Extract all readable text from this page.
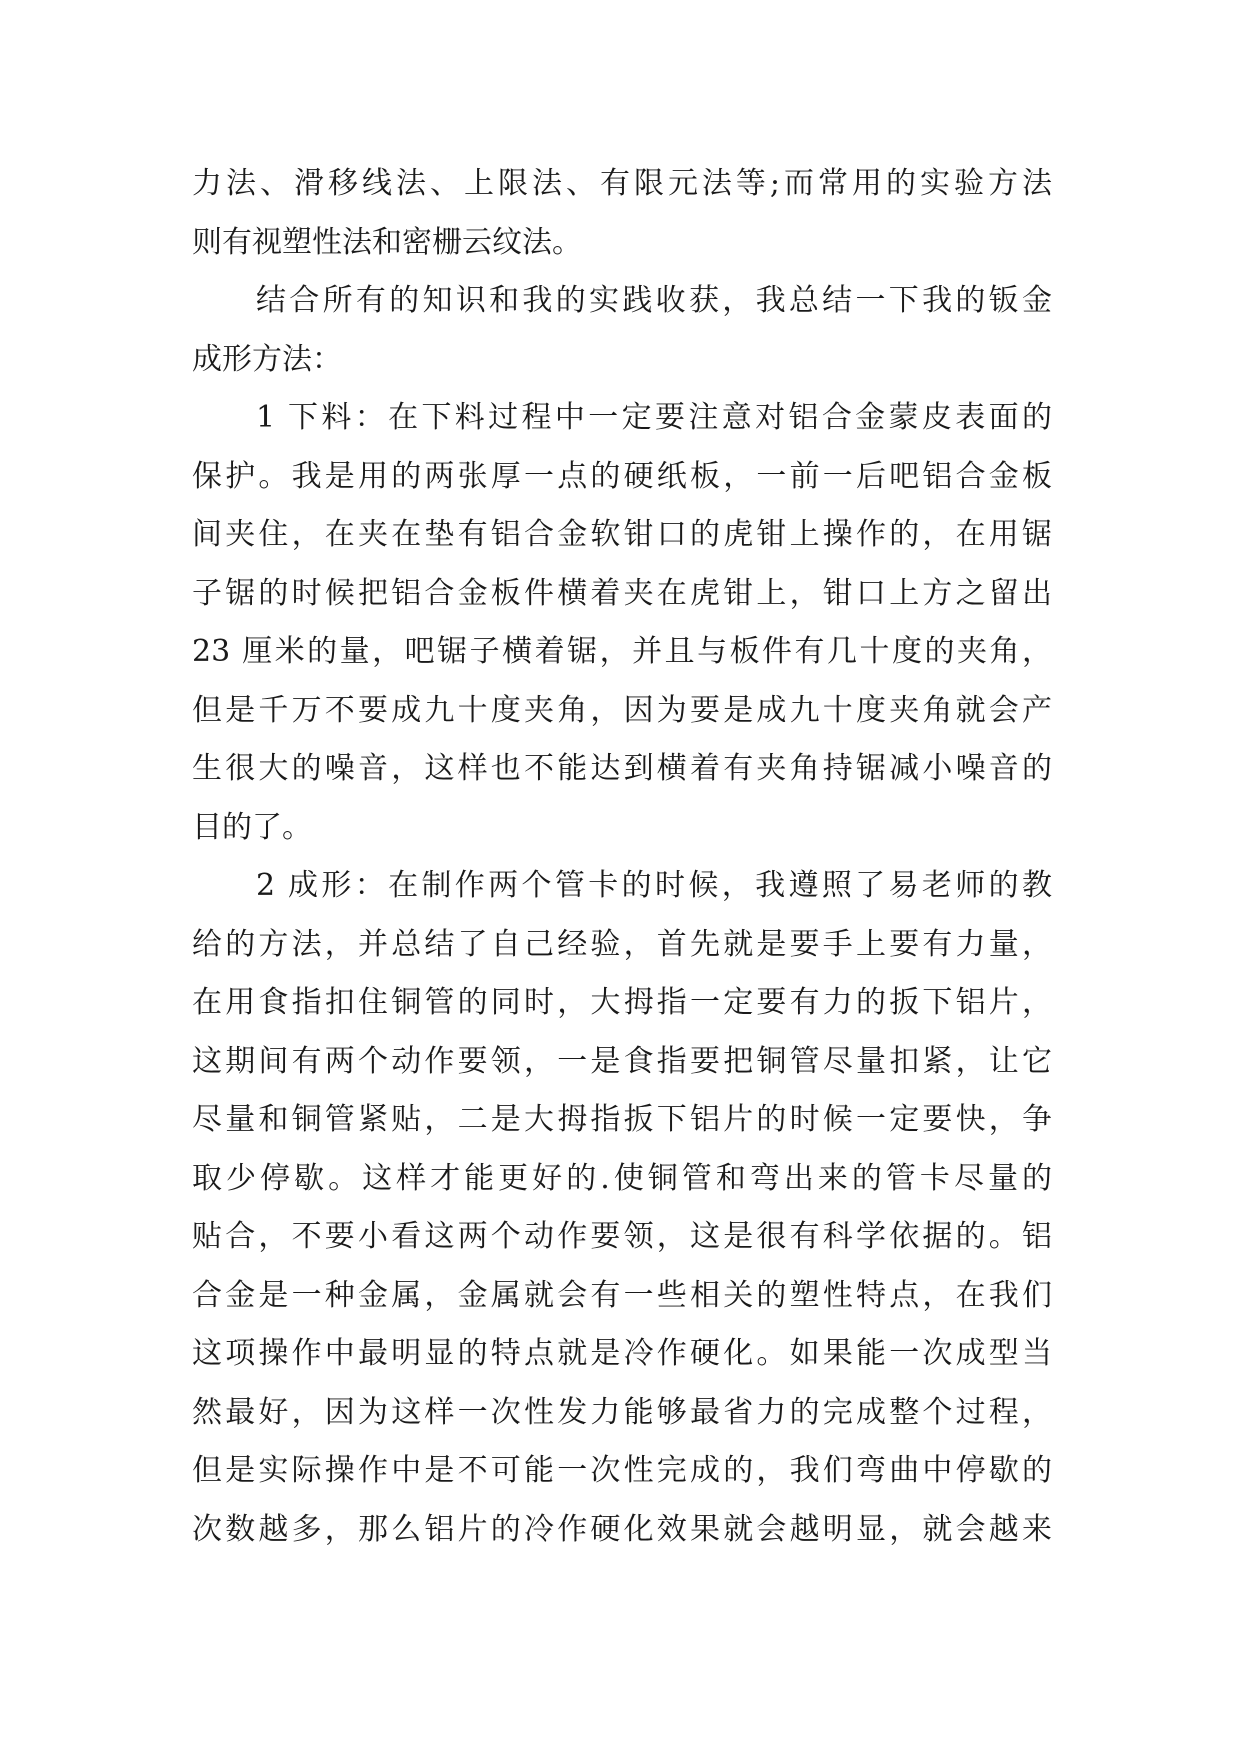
力法、滑移线法、上限法、有限元法等;而常用的实验方法
则有视塑性法和密栅云纹法。
结合所有的知识和我的实践收获，我总结一下我的钣金
成形方法：
1 下料：在下料过程中一定要注意对铝合金蒙皮表面的
保护。我是用的两张厚一点的硬纸板，一前一后吧铝合金板
间夹住，在夹在垫有铝合金软钳口的虎钳上操作的，在用锯
子锯的时候把铝合金板件横着夹在虎钳上，钳口上方之留出
23 厘米的量，吧锯子横着锯，并且与板件有几十度的夹角，
但是千万不要成九十度夹角，因为要是成九十度夹角就会产
生很大的噪音，这样也不能达到横着有夹角持锯减小噪音的
目的了。
2 成形：在制作两个管卡的时候，我遵照了易老师的教
给的方法，并总结了自己经验，首先就是要手上要有力量，
在用食指扣住铜管的同时，大拇指一定要有力的扳下铝片，
这期间有两个动作要领，一是食指要把铜管尽量扣紧，让它
尽量和铜管紧贴，二是大拇指扳下铝片的时候一定要快，争
取少停歇。这样才能更好的.使铜管和弯出来的管卡尽量的
贴合，不要小看这两个动作要领，这是很有科学依据的。铝
合金是一种金属，金属就会有一些相关的塑性特点，在我们
这项操作中最明显的特点就是冷作硬化。如果能一次成型当
然最好，因为这样一次性发力能够最省力的完成整个过程，
但是实际操作中是不可能一次性完成的，我们弯曲中停歇的
次数越多，那么铝片的冷作硬化效果就会越明显，就会越来
